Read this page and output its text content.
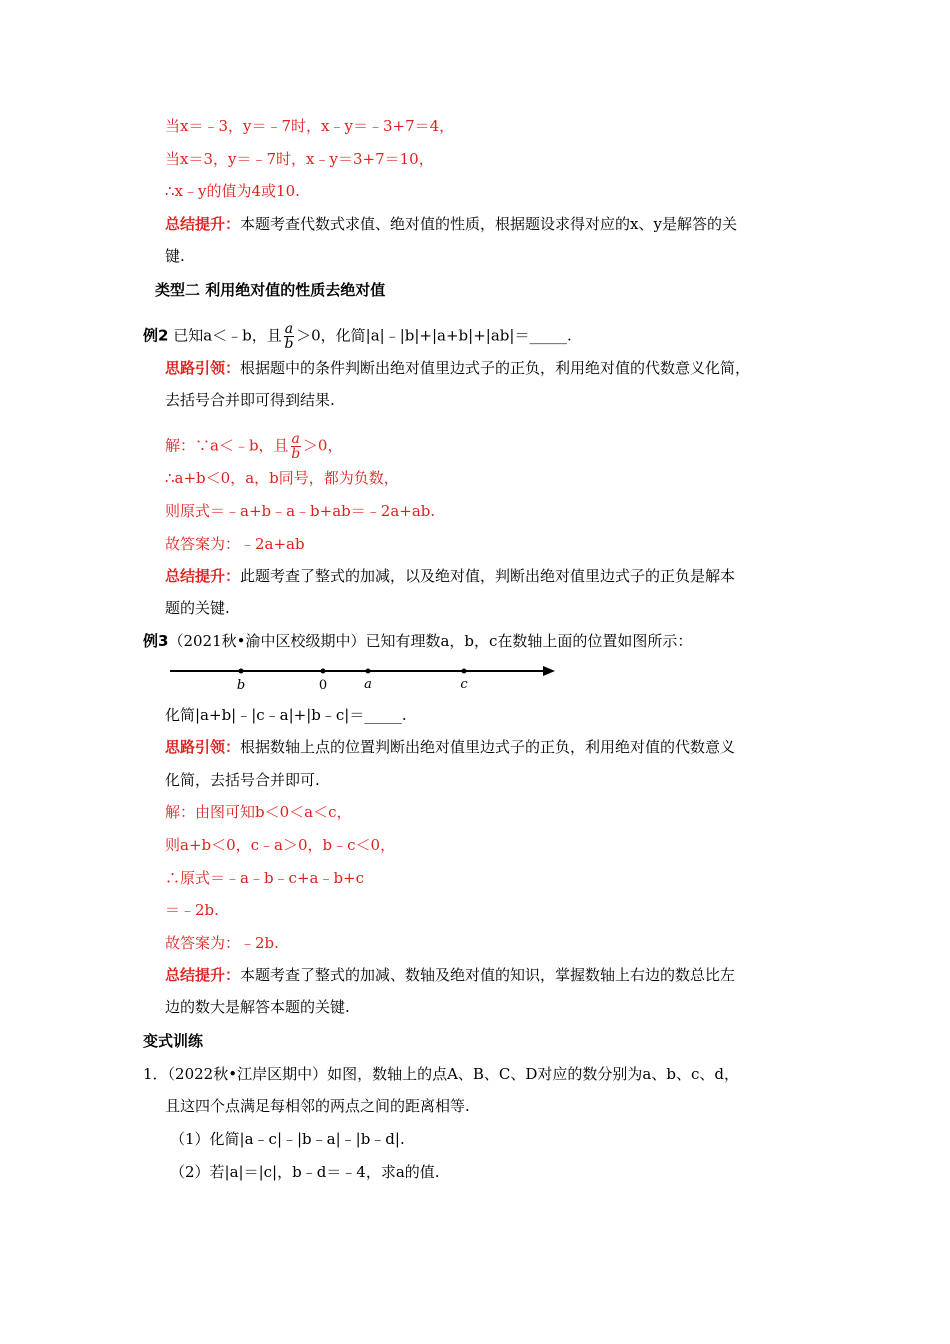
当x＝﹣3，y＝﹣7时，x﹣y＝﹣3+7＝4，
当x＝3，y＝﹣7时，x﹣y＝3+7＝10，
∴x﹣y的值为4或10.
总结提升：本题考查代数式求值、绝对值的性质，根据题设求得对应的x、y是解答的关
键.
类型二 利用绝对值的性质去绝对值
例2 已知a＜﹣b，且 $\frac{a}{b} >0$，化简|a|﹣|b|+|a+b|+|ab|＝_____.
思路引领：根据题中的条件判断出绝对值里边式子的正负，利用绝对值的代数意义化简，
去括号合并即可得到结果.
解：∵a＜﹣b，且 $\frac{a}{b} >0$，
∴a+b＜0，a，b同号，都为负数，
则原式＝﹣a+b﹣a﹣b+ab＝﹣2a+ab.
故答案为：﹣2a+ab
总结提升：此题考查了整式的加减，以及绝对值，判断出绝对值里边式子的正负是解本
题的关键.
例3（2021秋•渝中区校级期中）已知有理数a，b，c在数轴上面的位置如图所示：
b	0	a	c
化简|a+b|﹣|c﹣a|+|b﹣c|＝_____.
思路引领：根据数轴上点的位置判断出绝对值里边式子的正负，利用绝对值的代数意义
化简，去括号合并即可.
解：由图可知b＜0＜a＜c，
则a+b＜0，c﹣a＞0，b﹣c＜0，
∴原式＝﹣a﹣b﹣c+a﹣b+c
＝﹣2b.
故答案为：﹣2b.
总结提升：本题考查了整式的加减、数轴及绝对值的知识，掌握数轴上右边的数总比左
边的数大是解答本题的关键.
变式训练
1．（2022秋•江岸区期中）如图，数轴上的点A、B、C、D对应的数分别为a、b、c、d，
且这四个点满足每相邻的两点之间的距离相等.
（1）化简|a﹣c|﹣|b﹣a|﹣|b﹣d|.
（2）若|a|＝|c|，b﹣d＝﹣4，求a的值.
